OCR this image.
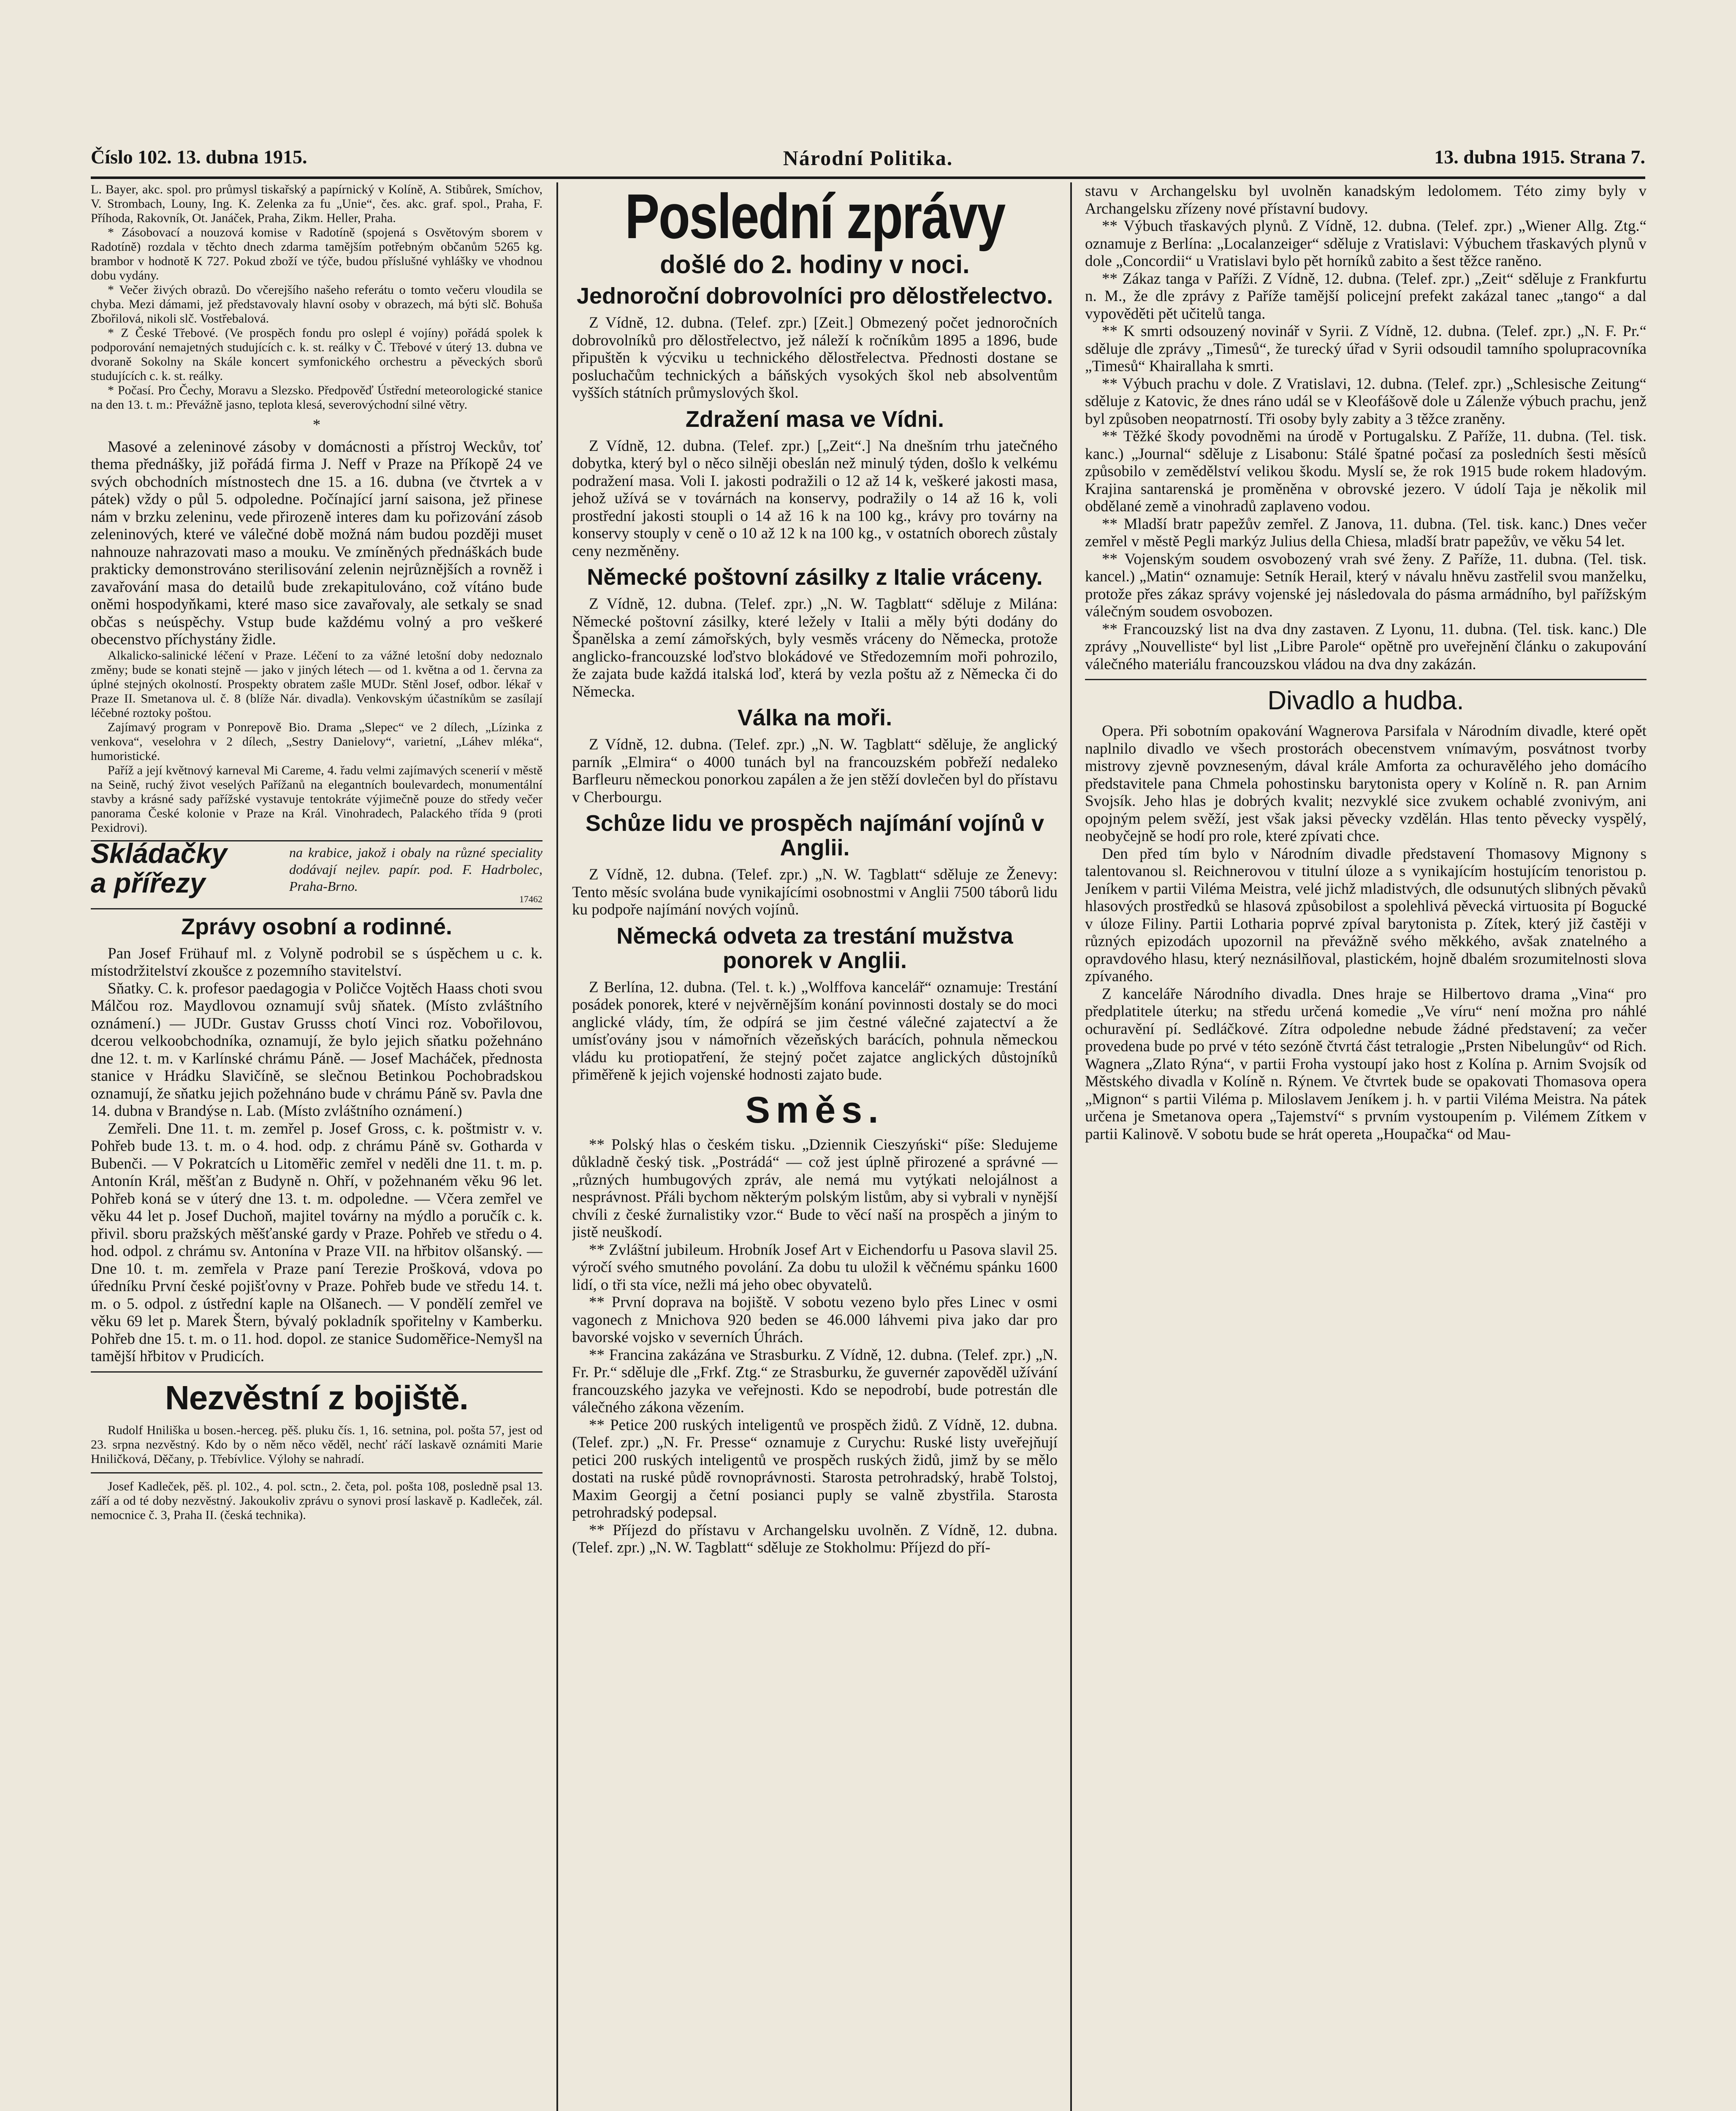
Číslo 102. 13. dubna 1915.	Národní Politika.	13. dubna 1915. Strana 7.

L. Bayer, akc. spol. pro průmysl tiskařský a papírnický v Kolíně, A. Stibůrek, Smíchov, V. Strombach, Louny, Ing. K. Zelenka za fu „Unie“, čes. akc. graf. spol., Praha, F. Příhoda, Rakovník, Ot. Janáček, Praha, Zikm. Heller, Praha.

* Zásobovací a nouzová komise v Radotíně (spojená s Osvětovým sborem v Radotíně) rozdala v těchto dnech zdarma tamějším potřebným občanům 5265 kg. brambor v hodnotě K 727. Pokud zboží ve týče, budou příslušné vyhlášky ve vhodnou dobu vydány.

* Večer živých obrazů. Do včerejšího našeho referátu o tomto večeru vloudila se chyba. Mezi dámami, jež představovaly hlavní osoby v obrazech, má býti slč. Bohuša Zbořilová, nikoli slč. Vostřebalová.

* Z České Třebové. (Ve prospěch fondu pro oslepl é vojíny) pořádá spolek k podporování nemajetných studujících c. k. st. reálky v Č. Třebové v úterý 13. dubna ve dvoraně Sokolny na Skále koncert symfonického orchestru a pěveckých sborů studujících c. k. st. reálky.

* Počasí. Pro Čechy, Moravu a Slezsko. Předpověď Ústřední meteorologické stanice na den 13. t. m.: Převážně jasno, teplota klesá, severovýchodní silné větry.

*

Masové a zeleninové zásoby v domácnosti a přístroj Weckův, toť thema přednášky, již pořádá firma J. Neff v Praze na Příkopě 24 ve svých obchodních místnostech dne 15. a 16. dubna (ve čtvrtek a v pátek) vždy o půl 5. odpoledne. Počínající jarní saisona, jež přinese nám v brzku zeleninu, vede přirozeně interes dam ku pořizování zásob zeleninových, které ve válečné době možná nám budou později muset nahnouze nahrazovati maso a mouku. Ve zmíněných přednáškách bude prakticky demonstrováno sterilisování zelenin nejrůznějších a rovněž i zavařování masa do detailů bude zrekapitulováno, což vítáno bude oněmi hospodyňkami, které maso sice zavařovaly, ale setkaly se snad občas s neúspěchy. Vstup bude každému volný a pro veškeré obecenstvo příchystány židle.

Alkalicko-salinické léčení v Praze. Léčení to za vážné letošní doby nedoznalo změny; bude se konati stejně — jako v jiných létech — od 1. května a od 1. června za úplné stejných okolností. Prospekty obratem zašle MUDr. Stěnl Josef, odbor. lékař v Praze II. Smetanova ul. č. 8 (blíže Nár. divadla). Venkovským účastníkům se zasílají léčebné roztoky poštou.

Zajímavý program v Ponrepově Bio. Drama „Slepec“ ve 2 dílech, „Lízinka z venkova“, veselohra v 2 dílech, „Sestry Danielovy“, varietní, „Láhev mléka“, humoristické.

Paříž a její květnový karneval Mi Careme, 4. řadu velmi zajímavých scenerií v městě na Seině, ruchý život veselých Pařížanů na elegantních boulevardech, monumentální stavby a krásné sady pařížské vystavuje tentokráte výjimečně pouze do středy večer panorama České kolonie v Praze na Král. Vinohradech, Palackého třída 9 (proti Pexidrovi).

Skládačky
a přířezy
na krabice, jakož i obaly na různé speciality dodávají nejlev. papír. pod. F. Hadrbolec, Praha-Brno.
17462
Zprávy osobní a rodinné.

Pan Josef Frühauf ml. z Volyně podrobil se s úspěchem u c. k. místodržitelství zkoušce z pozemního stavitelství.

Sňatky. C. k. profesor paedagogia v Poličce Vojtěch Haass choti svou Málčou roz. Maydlovou oznamují svůj sňatek. (Místo zvláštního oznámení.) — JUDr. Gustav Grusss chotí Vinci roz. Vobořilovou, dcerou velkoobchodníka, oznamují, že bylo jejich sňatku požehnáno dne 12. t. m. v Karlínské chrámu Páně. — Josef Macháček, přednosta stanice v Hrádku Slavičíně, se slečnou Betinkou Pochobradskou oznamují, že sňatku jejich požehnáno bude v chrámu Páně sv. Pavla dne 14. dubna v Brandýse n. Lab. (Místo zvláštního oznámení.)

Zemřeli. Dne 11. t. m. zemřel p. Josef Gross, c. k. poštmistr v. v. Pohřeb bude 13. t. m. o 4. hod. odp. z chrámu Páně sv. Gotharda v Bubenči. — V Pokratcích u Litoměřic zemřel v neděli dne 11. t. m. p. Antonín Král, měšťan z Budyně n. Ohří, v požehnaném věku 96 let. Pohřeb koná se v úterý dne 13. t. m. odpoledne. — Včera zemřel ve věku 44 let p. Josef Duchoň, majitel továrny na mýdlo a poručík c. k. přivil. sboru pražských měšťanské gardy v Praze. Pohřeb ve středu o 4. hod. odpol. z chrámu sv. Antonína v Praze VII. na hřbitov olšanský. — Dne 10. t. m. zemřela v Praze paní Terezie Prošková, vdova po úředníku První české pojišťovny v Praze. Pohřeb bude ve středu 14. t. m. o 5. odpol. z ústřední kaple na Olšanech. — V pondělí zemřel ve věku 69 let p. Marek Štern, bývalý pokladník spořitelny v Kamberku. Pohřeb dne 15. t. m. o 11. hod. dopol. ze stanice Sudoměřice-Nemyšl na tamější hřbitov v Prudicích.

Nezvěstní z bojiště.

Rudolf Hniliška u bosen.-herceg. pěš. pluku čís. 1, 16. setnina, pol. pošta 57, jest od 23. srpna nezvěstný. Kdo by o něm něco věděl, nechť ráčí laskavě oznámiti Marie Hniličková, Děčany, p. Třebívlice. Výlohy se nahradí.

Josef Kadleček, pěš. pl. 102., 4. pol. sctn., 2. četa, pol. pošta 108, posledně psal 13. září a od té doby nezvěstný. Jakoukoliv zprávu o synovi prosí laskavě p. Kadleček, zál. nemocnice č. 3, Praha II. (česká technika).

Poslední zprávy
došlé do 2. hodiny v noci.
Jednoroční dobrovolníci pro dělostřelectvo.

Z Vídně, 12. dubna. (Telef. zpr.) [Zeit.] Obmezený počet jednoročních dobrovolníků pro dělostřelectvo, jež náleží k ročníkům 1895 a 1896, bude připuštěn k výcviku u technického dělostřelectva. Přednosti dostane se posluchačům technických a báňských vysokých škol neb absolventům vyšších státních průmyslových škol.

Zdražení masa ve Vídni.

Z Vídně, 12. dubna. (Telef. zpr.) [„Zeit“.] Na dnešním trhu jatečného dobytka, který byl o něco silněji obeslán než minulý týden, došlo k velkému podražení masa. Voli I. jakosti podražili o 12 až 14 k, veškeré jakosti masa, jehož užívá se v továrnách na konservy, podražily o 14 až 16 k, voli prostřední jakosti stoupli o 14 až 16 k na 100 kg., krávy pro továrny na konservy stouply v ceně o 10 až 12 k na 100 kg., v ostatních oborech zůstaly ceny nezměněny.

Německé poštovní zásilky z Italie vráceny.

Z Vídně, 12. dubna. (Telef. zpr.) „N. W. Tagblatt“ sděluje z Milána: Německé poštovní zásilky, které ležely v Italii a měly býti dodány do Španělska a zemí zámořských, byly vesměs vráceny do Německa, protože anglicko-francouzské loďstvo blokádové ve Středozemním moři pohrozilo, že zajata bude každá italská loď, která by vezla poštu až z Německa či do Německa.

Válka na moři.

Z Vídně, 12. dubna. (Telef. zpr.) „N. W. Tagblatt“ sděluje, že anglický parník „Elmira“ o 4000 tunách byl na francouzském pobřeží nedaleko Barfleuru německou ponorkou zapálen a že jen stěží dovlečen byl do přístavu v Cherbourgu.

Schůze lidu ve prospěch najímání vojínů v Anglii.

Z Vídně, 12. dubna. (Telef. zpr.) „N. W. Tagblatt“ sděluje ze Ženevy: Tento měsíc svolána bude vynikajícími osobnostmi v Anglii 7500 táborů lidu ku podpoře najímání nových vojínů.

Německá odveta za trestání mužstva ponorek v Anglii.

Z Berlína, 12. dubna. (Tel. t. k.) „Wolffova kancelář“ oznamuje: Trestání posádek ponorek, které v nejvěrnějším konání povinnosti dostaly se do moci anglické vlády, tím, že odpírá se jim čestné válečné zajatectví a že umísťovány jsou v námořních vězeňských barácích, pohnula německou vládu ku protiopatření, že stejný počet zajatce anglických důstojníků přiměřeně k jejich vojenské hodnosti zajato bude.

Směs.

** Polský hlas o českém tisku. „Dziennik Cieszyński“ píše: Sledujeme důkladně český tisk. „Postrádá“ — což jest úplně přirozené a správné — „různých humbugových zpráv, ale nemá mu vytýkati nelojálnost a nesprávnost. Přáli bychom některým polským listům, aby si vybrali v nynější chvíli z české žurnalistiky vzor.“ Bude to věcí naší na prospěch a jiným to jistě neuškodí.

** Zvláštní jubileum. Hrobník Josef Art v Eichendorfu u Pasova slavil 25. výročí svého smutného povolání. Za dobu tu uložil k věčnému spánku 1600 lidí, o tři sta více, nežli má jeho obec obyvatelů.

** První doprava na bojiště. V sobotu vezeno bylo přes Linec v osmi vagonech z Mnichova 920 beden se 46.000 láhvemi piva jako dar pro bavorské vojsko v severních Úhrách.

** Francina zakázána ve Strasburku. Z Vídně, 12. dubna. (Telef. zpr.) „N. Fr. Pr.“ sděluje dle „Frkf. Ztg.“ ze Strasburku, že guvernér zapověděl užívání francouzského jazyka ve veřejnosti. Kdo se nepodrobí, bude potrestán dle válečného zákona vězením.

** Petice 200 ruských inteligentů ve prospěch židů. Z Vídně, 12. dubna. (Telef. zpr.) „N. Fr. Presse“ oznamuje z Curychu: Ruské listy uveřejňují petici 200 ruských inteligentů ve prospěch ruských židů, jimž by se mělo dostati na ruské půdě rovnoprávnosti. Starosta petrohradský, hrabě Tolstoj, Maxim Georgij a četní posianci puply se valně zbystřila. Starosta petrohradský podepsal.

** Příjezd do přístavu v Archangelsku uvolněn. Z Vídně, 12. dubna. (Telef. zpr.) „N. W. Tagblatt“ sděluje ze Stokholmu: Příjezd do pří-

stavu v Archangelsku byl uvolněn kanadským ledolomem. Této zimy byly v Archangelsku zřízeny nové přístavní budovy.

** Výbuch třaskavých plynů. Z Vídně, 12. dubna. (Telef. zpr.) „Wiener Allg. Ztg.“ oznamuje z Berlína: „Localanzeiger“ sděluje z Vratislavi: Výbuchem třaskavých plynů v dole „Concordii“ u Vratislavi bylo pět horníků zabito a šest těžce raněno.

** Zákaz tanga v Paříži. Z Vídně, 12. dubna. (Telef. zpr.) „Zeit“ sděluje z Frankfurtu n. M., že dle zprávy z Paříže tamější policejní prefekt zakázal tanec „tango“ a dal vypověděti pět učitelů tanga.

** K smrti odsouzený novinář v Syrii. Z Vídně, 12. dubna. (Telef. zpr.) „N. F. Pr.“ sděluje dle zprávy „Timesů“, že turecký úřad v Syrii odsoudil tamního spolupracovníka „Timesů“ Khairallaha k smrti.

** Výbuch prachu v dole. Z Vratislavi, 12. dubna. (Telef. zpr.) „Schlesische Zeitung“ sděluje z Katovic, že dnes ráno udál se v Kleofášově dole u Zálenže výbuch prachu, jenž byl způsoben neopatrností. Tři osoby byly zabity a 3 těžce zraněny.

** Těžké škody povodněmi na úrodě v Portugalsku. Z Paříže, 11. dubna. (Tel. tisk. kanc.) „Journal“ sděluje z Lisabonu: Stálé špatné počasí za posledních šesti měsíců způsobilo v zemědělství velikou škodu. Myslí se, že rok 1915 bude rokem hladovým. Krajina santarenská je proměněna v obrovské jezero. V údolí Taja je několik mil obdělané země a vinohradů zaplaveno vodou.

** Mladší bratr papežův zemřel. Z Janova, 11. dubna. (Tel. tisk. kanc.) Dnes večer zemřel v městě Pegli markýz Julius della Chiesa, mladší bratr papežův, ve věku 54 let.

** Vojenským soudem osvobozený vrah své ženy. Z Paříže, 11. dubna. (Tel. tisk. kancel.) „Matin“ oznamuje: Setník Herail, který v návalu hněvu zastřelil svou manželku, protože přes zákaz správy vojenské jej následovala do pásma armádního, byl pařížským válečným soudem osvobozen.

** Francouzský list na dva dny zastaven. Z Lyonu, 11. dubna. (Tel. tisk. kanc.) Dle zprávy „Nouvelliste“ byl list „Libre Parole“ opětně pro uveřejnění článku o zakupování válečného materiálu francouzskou vládou na dva dny zakázán.

Divadlo a hudba.

Opera. Při sobotním opakování Wagnerova Parsifala v Národním divadle, které opět naplnilo divadlo ve všech prostorách obecenstvem vnímavým, posvátnost tvorby mistrovy zjevně povzneseným, dával krále Amforta za ochuravělého jeho domácího představitele pana Chmela pohostinsku barytonista opery v Kolíně n. R. pan Arnim Svojsík. Jeho hlas je dobrých kvalit; nezvyklé sice zvukem ochablé zvonivým, ani opojným pelem svěží, jest však jaksi pěvecky vzdělán. Hlas tento pěvecky vyspělý, neobyčejně se hodí pro role, které zpívati chce.

Den před tím bylo v Národním divadle představení Thomasovy Mignony s talentovanou sl. Reichnerovou v titulní úloze a s vynikajícím hostujícím tenoristou p. Jeníkem v partii Viléma Meistra, velé jichž mladistvých, dle odsunutých slibných pěvaků hlasových prostředků se hlasová způsobilost a spolehlivá pěvecká virtuosita pí Bogucké v úloze Filiny. Partii Lotharia poprvé zpíval barytonista p. Zítek, který již častěji v různých epizodách upozornil na převážně svého měkkého, avšak znatelného a opravdového hlasu, který neznásilňoval, plastickém, hojně dbalém srozumitelnosti slova zpívaného.

Z kanceláře Národního divadla. Dnes hraje se Hilbertovo drama „Vina“ pro předplatitele úterku; na středu určená komedie „Ve víru“ není možna pro náhlé ochuravění pí. Sedláčkové. Zítra odpoledne nebude žádné představení; za večer provedena bude po prvé v této sezóně čtvrtá část tetralogie „Prsten Nibelungův“ od Rich. Wagnera „Zlato Rýna“, v partii Froha vystoupí jako host z Kolína p. Arnim Svojsík od Městského divadla v Kolíně n. Rýnem. Ve čtvrtek bude se opakovati Thomasova opera „Mignon“ s partii Viléma p. Miloslavem Jeníkem j. h. v partii Viléma Meistra. Na pátek určena je Smetanova opera „Tajemství“ s prvním vystoupením p. Vilémem Zítkem v partii Kalinově. V sobotu bude se hrát opereta „Houpačka“ od Mau-
